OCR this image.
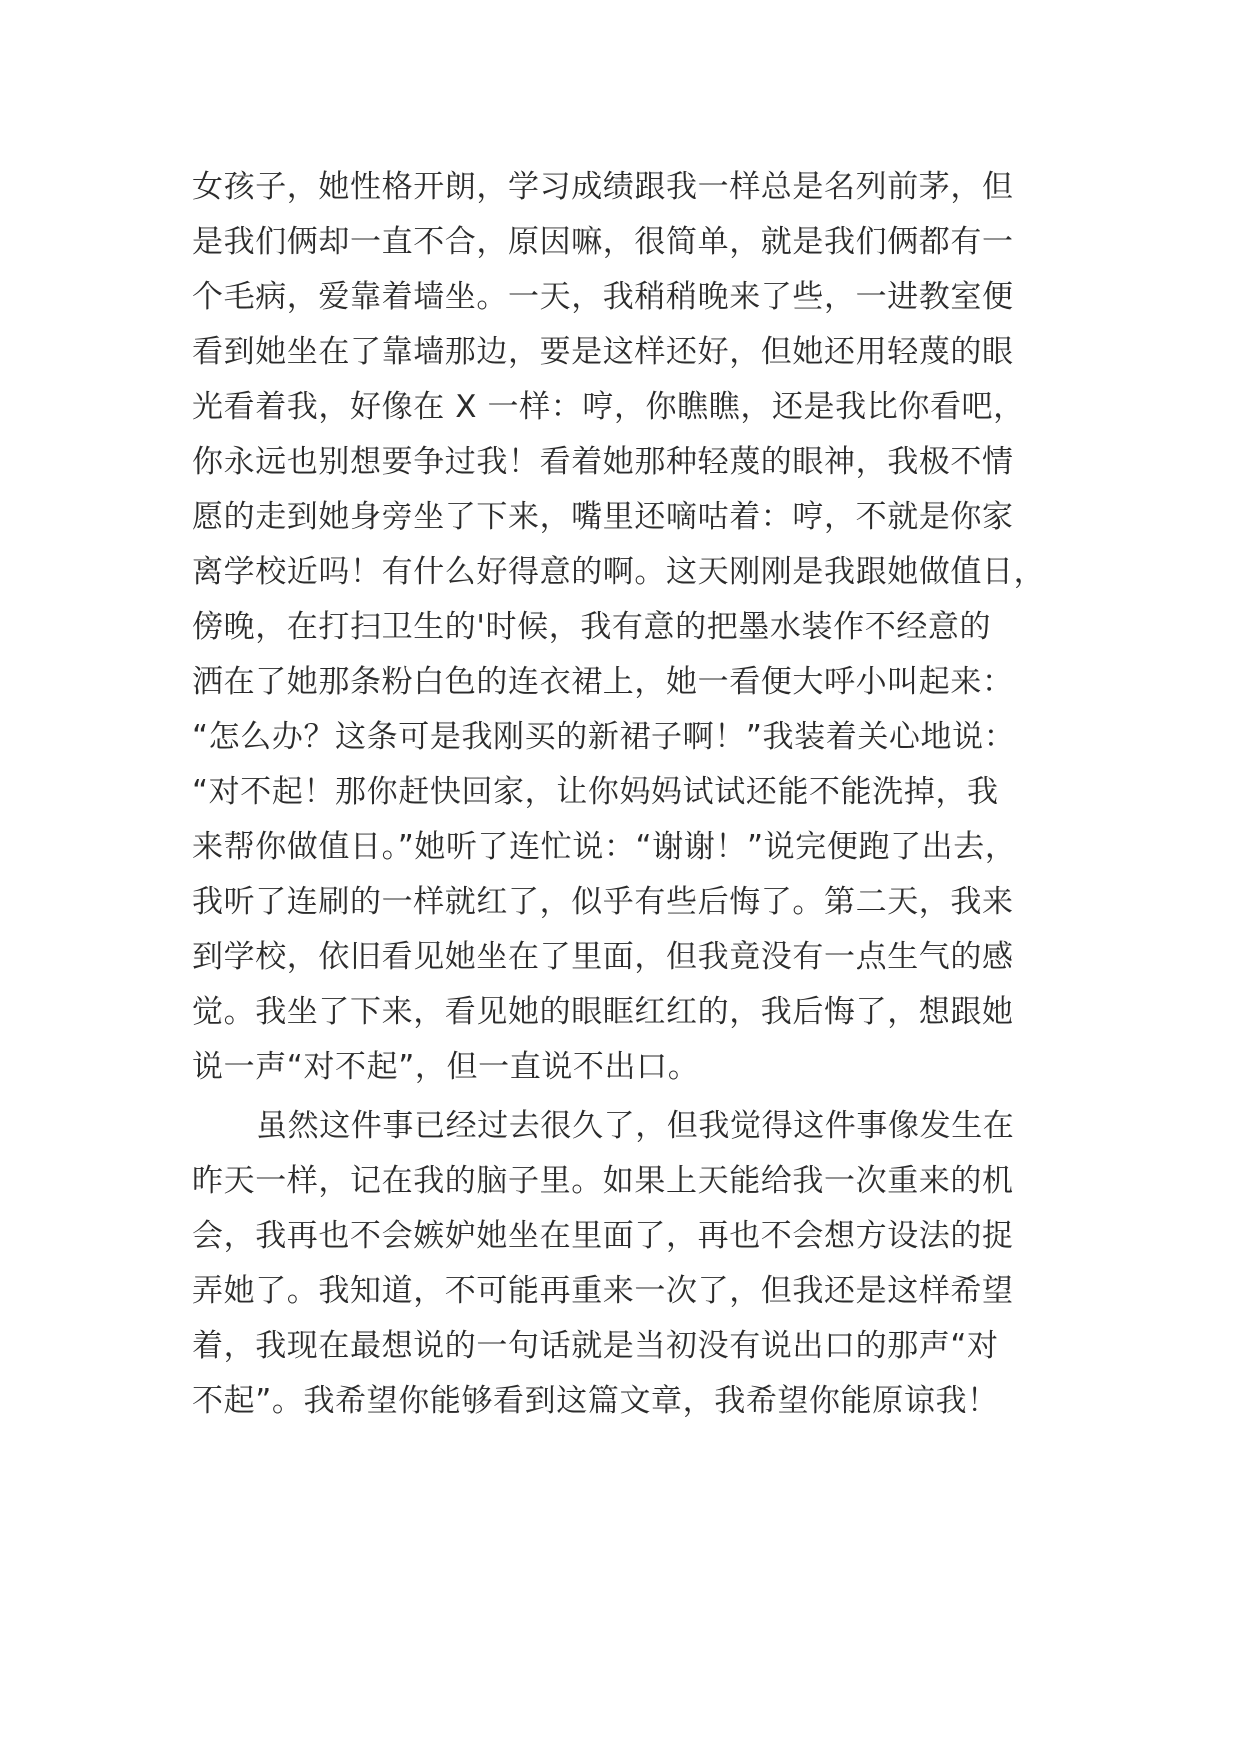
女孩子，她性格开朗，学习成绩跟我一样总是名列前茅，但
是我们俩却一直不合，原因嘛，很简单，就是我们俩都有一
个毛病，爱靠着墙坐。一天，我稍稍晚来了些，一进教室便
看到她坐在了靠墙那边，要是这样还好，但她还用轻蔑的眼
光看着我，好像在 X 一样：哼，你瞧瞧，还是我比你看吧，
你永远也别想要争过我！看着她那种轻蔑的眼神，我极不情
愿的走到她身旁坐了下来，嘴里还嘀咕着：哼，不就是你家
离学校近吗！有什么好得意的啊。这天刚刚是我跟她做值日，
傍晚，在打扫卫生的'时候，我有意的把墨水装作不经意的
洒在了她那条粉白色的连衣裙上，她一看便大呼小叫起来：
“怎么办？这条可是我刚买的新裙子啊！”我装着关心地说：
“对不起！那你赶快回家，让你妈妈试试还能不能洗掉，我
来帮你做值日。”她听了连忙说：“谢谢！”说完便跑了出去，
我听了连刷的一样就红了，似乎有些后悔了。第二天，我来
到学校，依旧看见她坐在了里面，但我竟没有一点生气的感
觉。我坐了下来，看见她的眼眶红红的，我后悔了，想跟她
说一声“对不起”，但一直说不出口。
虽然这件事已经过去很久了，但我觉得这件事像发生在
昨天一样，记在我的脑子里。如果上天能给我一次重来的机
会，我再也不会嫉妒她坐在里面了，再也不会想方设法的捉
弄她了。我知道，不可能再重来一次了，但我还是这样希望
着，我现在最想说的一句话就是当初没有说出口的那声“对
不起”。我希望你能够看到这篇文章，我希望你能原谅我！
